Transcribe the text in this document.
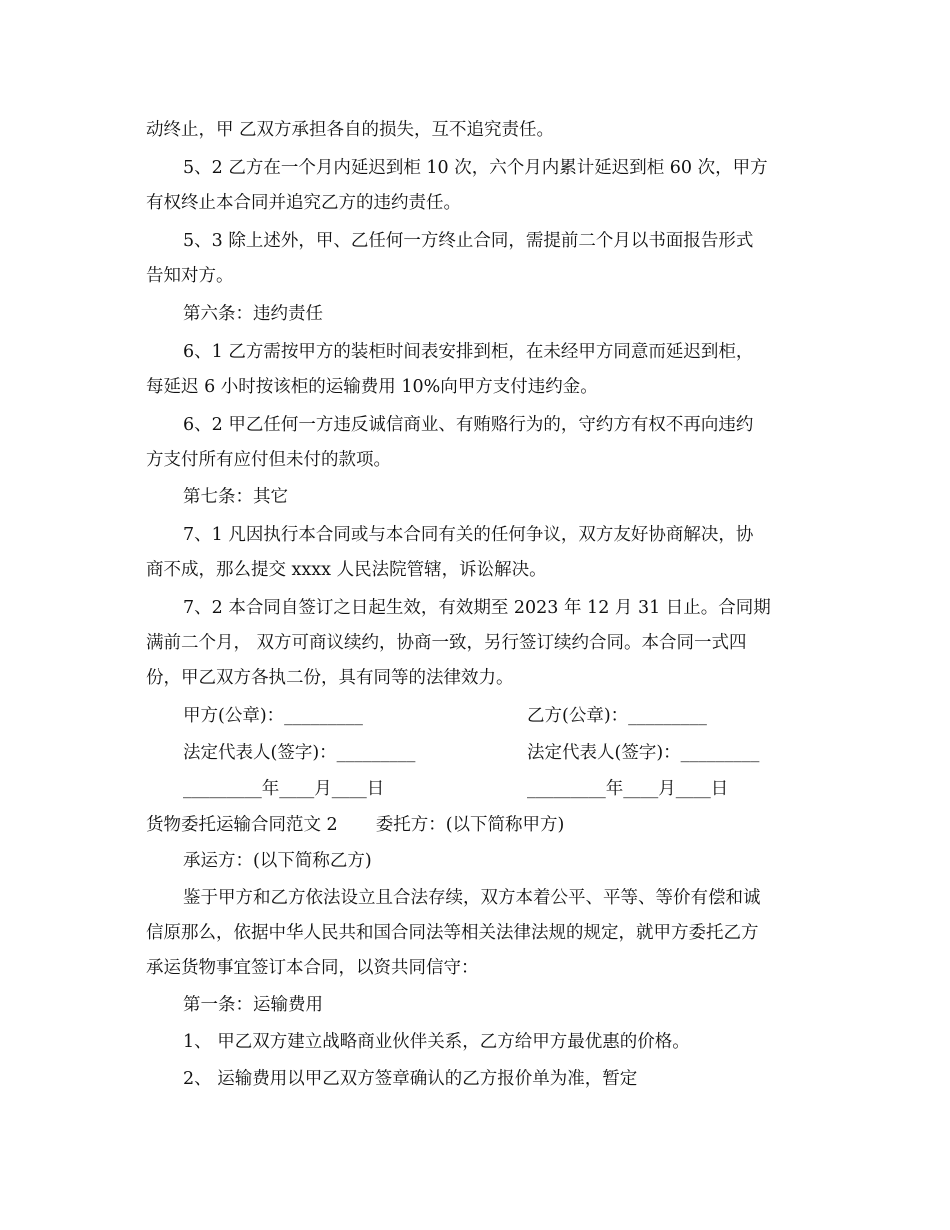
动终止，甲 乙双方承担各自的损失，互不追究责任。
5、2 乙方在一个月内延迟到柜 10 次，六个月内累计延迟到柜 60 次，甲方
有权终止本合同并追究乙方的违约责任。
5、3 除上述外，甲、乙任何一方终止合同，需提前二个月以书面报告形式
告知对方。
第六条：违约责任
6、1 乙方需按甲方的装柜时间表安排到柜，在未经甲方同意而延迟到柜，
每延迟 6 小时按该柜的运输费用 10%向甲方支付违约金。
6、2 甲乙任何一方违反诚信商业、有贿赂行为的，守约方有权不再向违约
方支付所有应付但未付的款项。
第七条：其它
7、1 凡因执行本合同或与本合同有关的任何争议，双方友好协商解决，协
商不成，那么提交 xxxx 人民法院管辖，诉讼解决。
7、2 本合同自签订之日起生效，有效期至 2023 年 12 月 31 日止。合同期
满前二个月， 双方可商议续约，协商一致，另行签订续约合同。本合同一式四
份，甲乙双方各执二份，具有同等的法律效力。
甲方(公章)：_________	乙方(公章)：_________
法定代表人(签字)：_________	法定代表人(签字)：_________
_________年____月____日	_________年____月____日
货物委托运输合同范文 2 委托方：(以下简称甲方)
承运方：(以下简称乙方)
鉴于甲方和乙方依法设立且合法存续，双方本着公平、平等、等价有偿和诚
信原那么，依据中华人民共和国合同法等相关法律法规的规定，就甲方委托乙方
承运货物事宜签订本合同，以资共同信守：
第一条：运输费用
1、 甲乙双方建立战略商业伙伴关系，乙方给甲方最优惠的价格。
2、 运输费用以甲乙双方签章确认的乙方报价单为准，暂定
